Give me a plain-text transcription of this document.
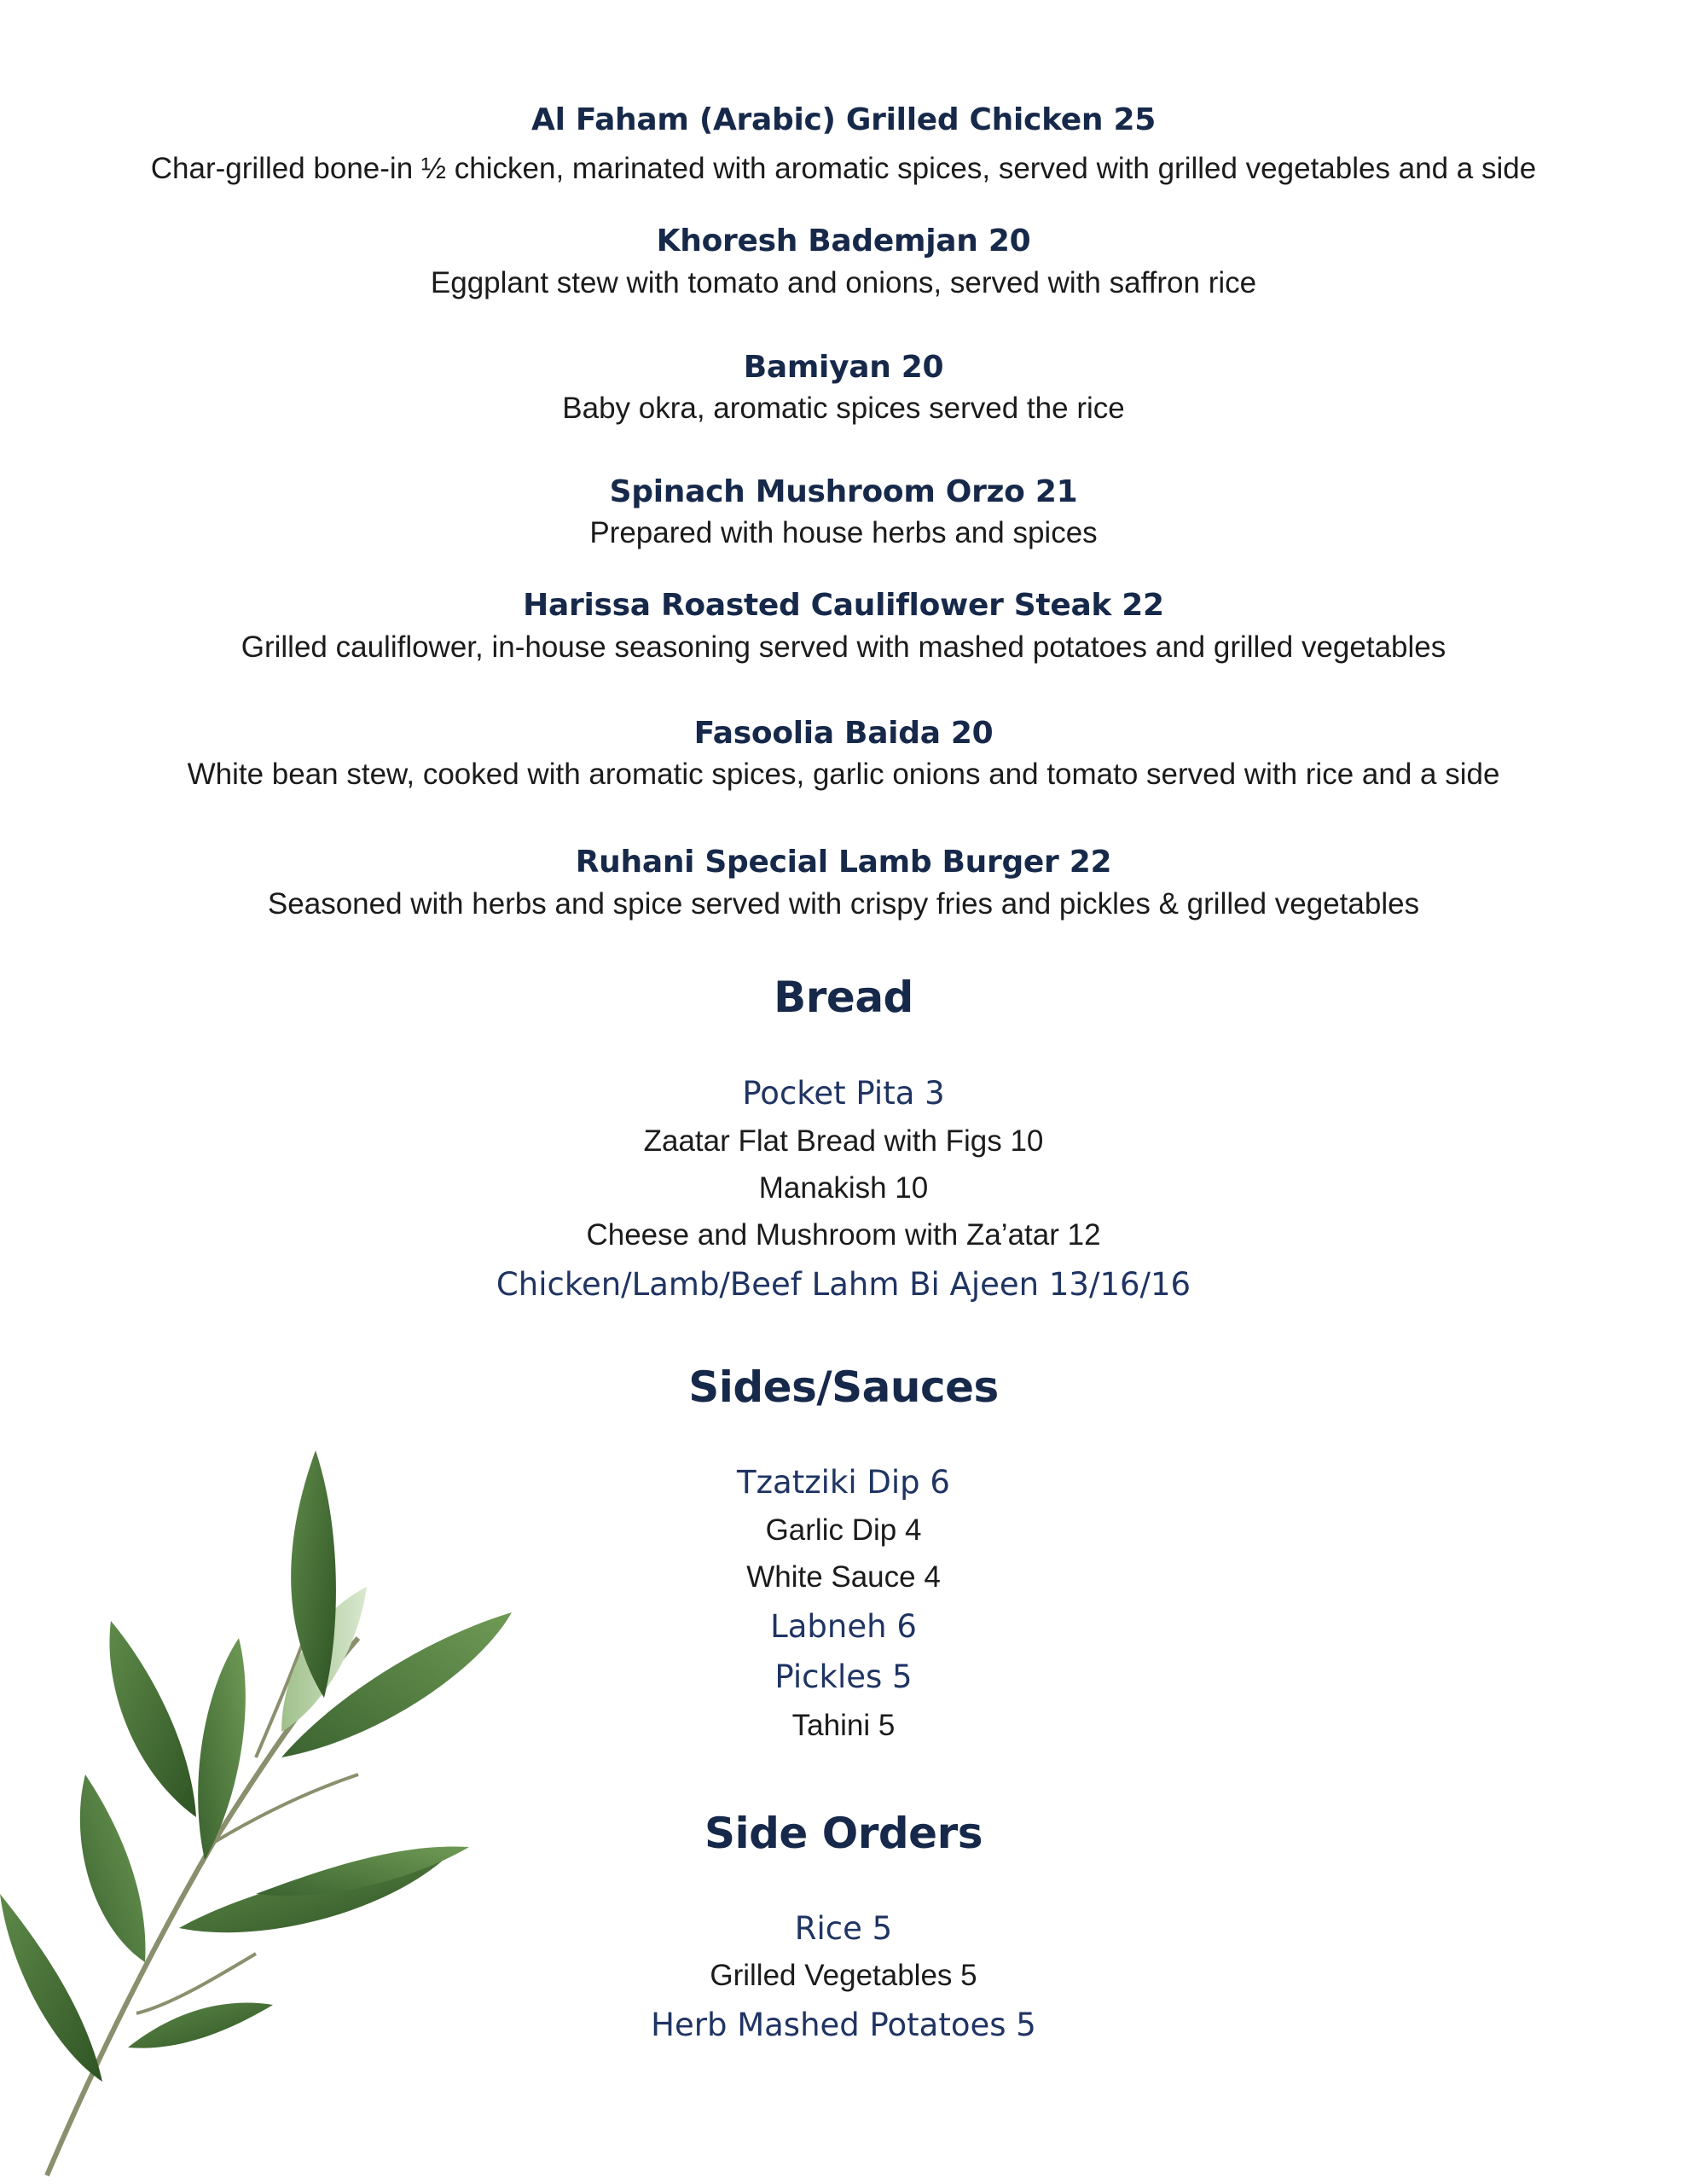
Al Faham (Arabic) Grilled Chicken 25
Char-grilled bone-in ½ chicken, marinated with aromatic spices, served with grilled vegetables and a side
Khoresh Bademjan 20
Eggplant stew with tomato and onions, served with saffron rice
Bamiyan 20
Baby okra, aromatic spices served the rice
Spinach Mushroom Orzo 21
Prepared with house herbs and spices
Harissa Roasted Cauliflower Steak 22
Grilled cauliflower, in-house seasoning served with mashed potatoes and grilled vegetables
Fasoolia Baida 20
White bean stew, cooked with aromatic spices, garlic onions and tomato served with rice and a side
Ruhani Special Lamb Burger 22
Seasoned with herbs and spice served with crispy fries and pickles & grilled vegetables
Bread
Pocket Pita 3
Zaatar Flat Bread with Figs 10
Manakish 10
Cheese and Mushroom with Za’atar 12
Chicken/Lamb/Beef Lahm Bi Ajeen 13/16/16
Sides/Sauces
Tzatziki Dip 6
Garlic Dip 4
White Sauce 4
Labneh 6
Pickles 5
Tahini 5
Side Orders
Rice 5
Grilled Vegetables 5
Herb Mashed Potatoes 5
